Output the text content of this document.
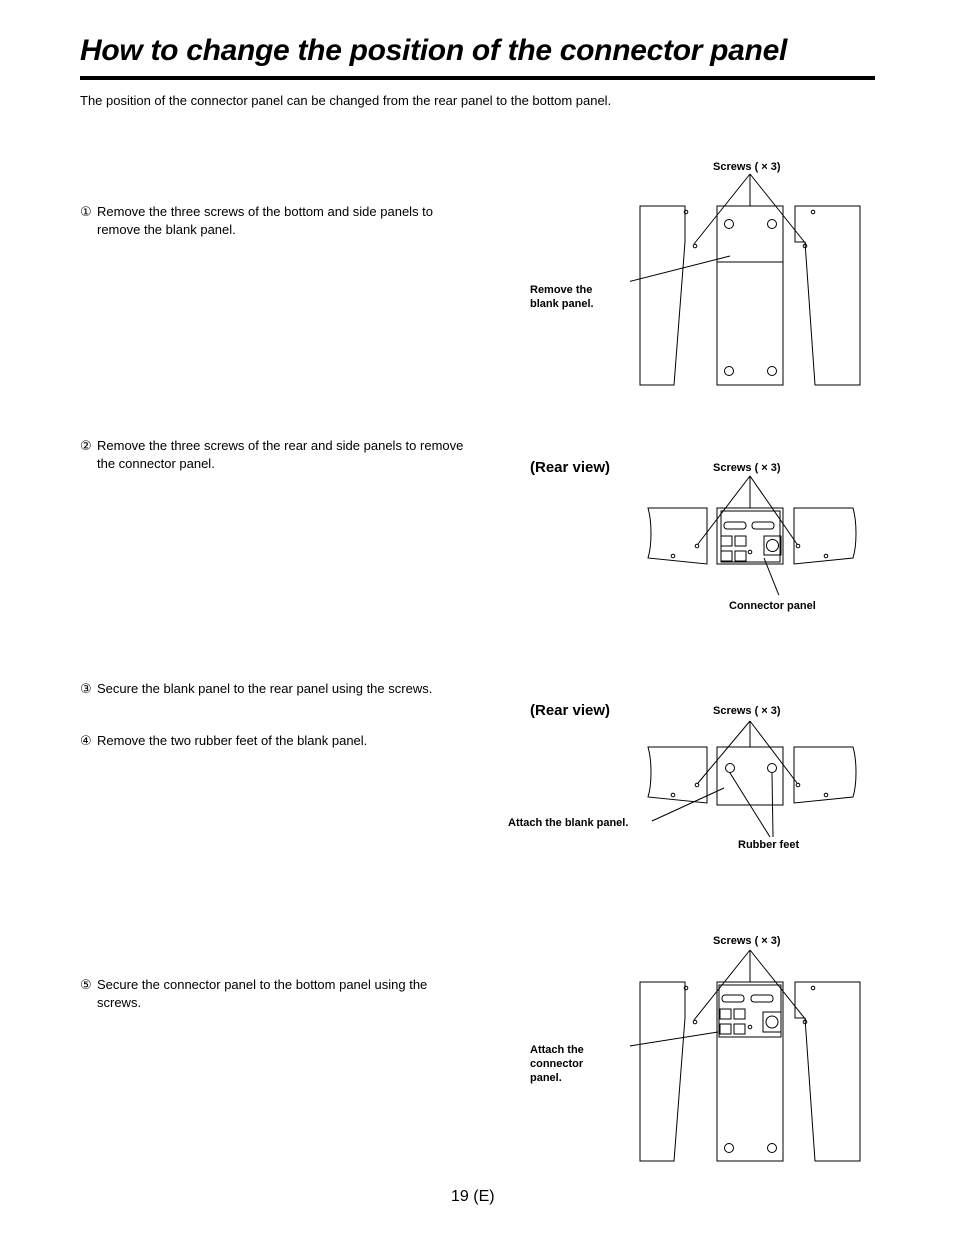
How to change the position of the connector panel
The position of the connector panel can be changed from the rear panel to the bottom panel.
① Remove the three screws of the bottom and side panels to remove the blank panel.
② Remove the three screws of the rear and side panels to remove the connector panel.
③ Secure the blank panel to the rear panel using the screws.
④ Remove the two rubber feet of the blank panel.
⑤ Secure the connector panel to the bottom panel using the screws.
Screws ( × 3)
Remove the
blank panel.
(Rear view)	Screws ( × 3)
Connector panel
(Rear view)	Screws ( × 3)
Attach the blank panel.
Rubber feet
Screws ( × 3)
Attach the
connector
panel.
19 (E)
